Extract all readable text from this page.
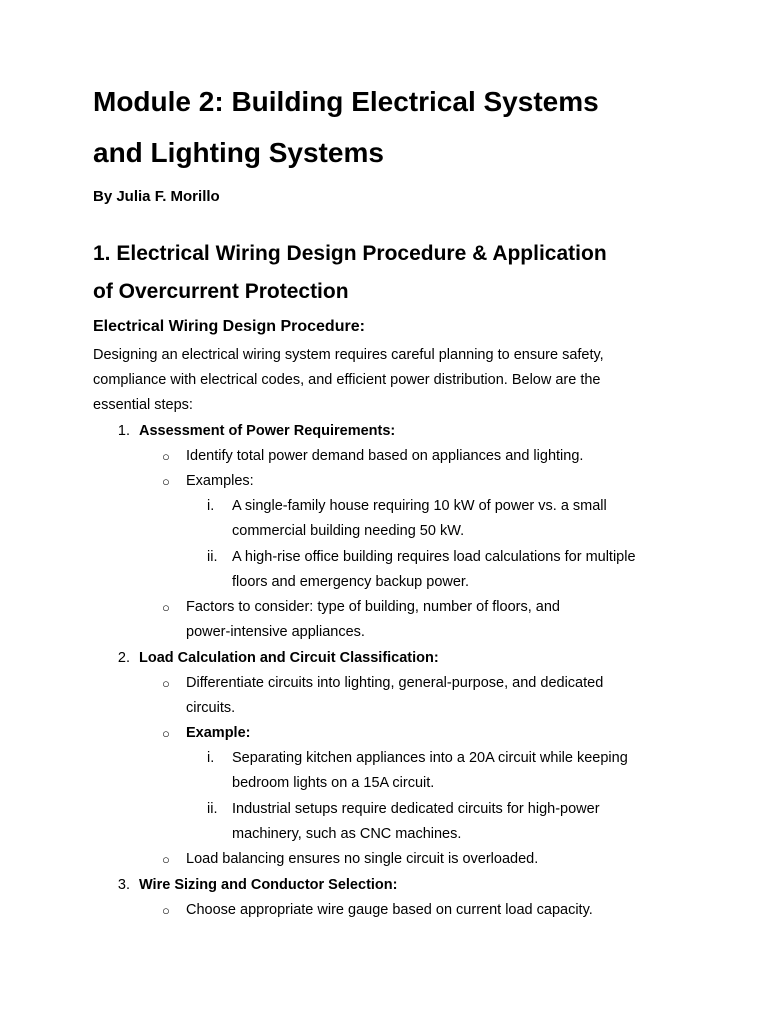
Module 2: Building Electrical Systems
and Lighting Systems
By Julia F. Morillo
1. Electrical Wiring Design Procedure & Application
of Overcurrent Protection
Electrical Wiring Design Procedure:
Designing an electrical wiring system requires careful planning to ensure safety,
compliance with electrical codes, and efficient power distribution. Below are the
essential steps:
1. Assessment of Power Requirements:
○ Identify total power demand based on appliances and lighting.
○ Examples:
i. A single-family house requiring 10 kW of power vs. a small
commercial building needing 50 kW.
ii. A high-rise office building requires load calculations for multiple
floors and emergency backup power.
○ Factors to consider: type of building, number of floors, and
power-intensive appliances.
2. Load Calculation and Circuit Classification:
○ Differentiate circuits into lighting, general-purpose, and dedicated
circuits.
○ Example:
i. Separating kitchen appliances into a 20A circuit while keeping
bedroom lights on a 15A circuit.
ii. Industrial setups require dedicated circuits for high-power
machinery, such as CNC machines.
○ Load balancing ensures no single circuit is overloaded.
3. Wire Sizing and Conductor Selection:
○ Choose appropriate wire gauge based on current load capacity.
